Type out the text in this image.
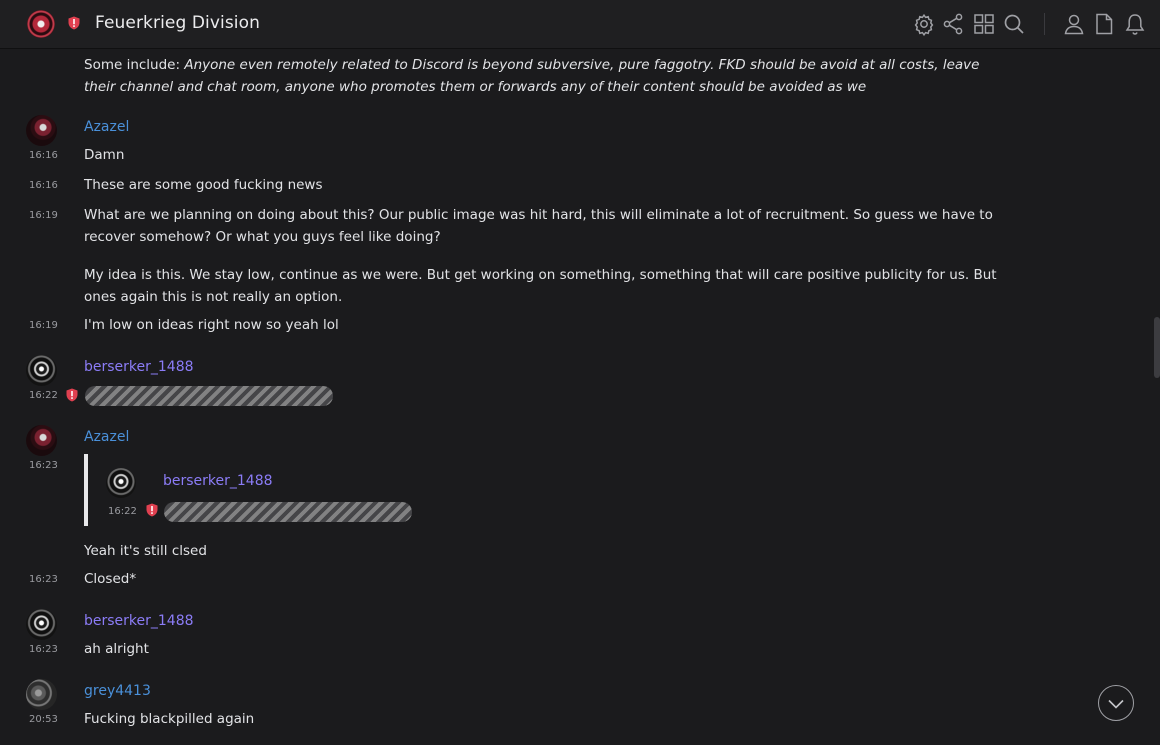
Feuerkrieg Division
Some include: Anyone even remotely related to Discord is beyond subversive, pure faggotry. FKD should be avoid at all costs, leave their channel and chat room, anyone who promotes them or forwards any of their content should be avoided as we
Azazel
16:16 Damn
16:16 These are some good fucking news
16:19 What are we planning on doing about this? Our public image was hit hard, this will eliminate a lot of recruitment. So guess we have to recover somehow? Or what you guys feel like doing?
My idea is this. We stay low, continue as we were. But get working on something, something that will care positive publicity for us. But ones again this is not really an option.
16:19 I'm low on ideas right now so yeah lol
berserker_1488
16:22
Azazel
16:23
berserker_1488
16:22
Yeah it's still clsed
16:23 Closed*
berserker_1488
16:23 ah alright
grey4413
20:53 Fucking blackpilled again
